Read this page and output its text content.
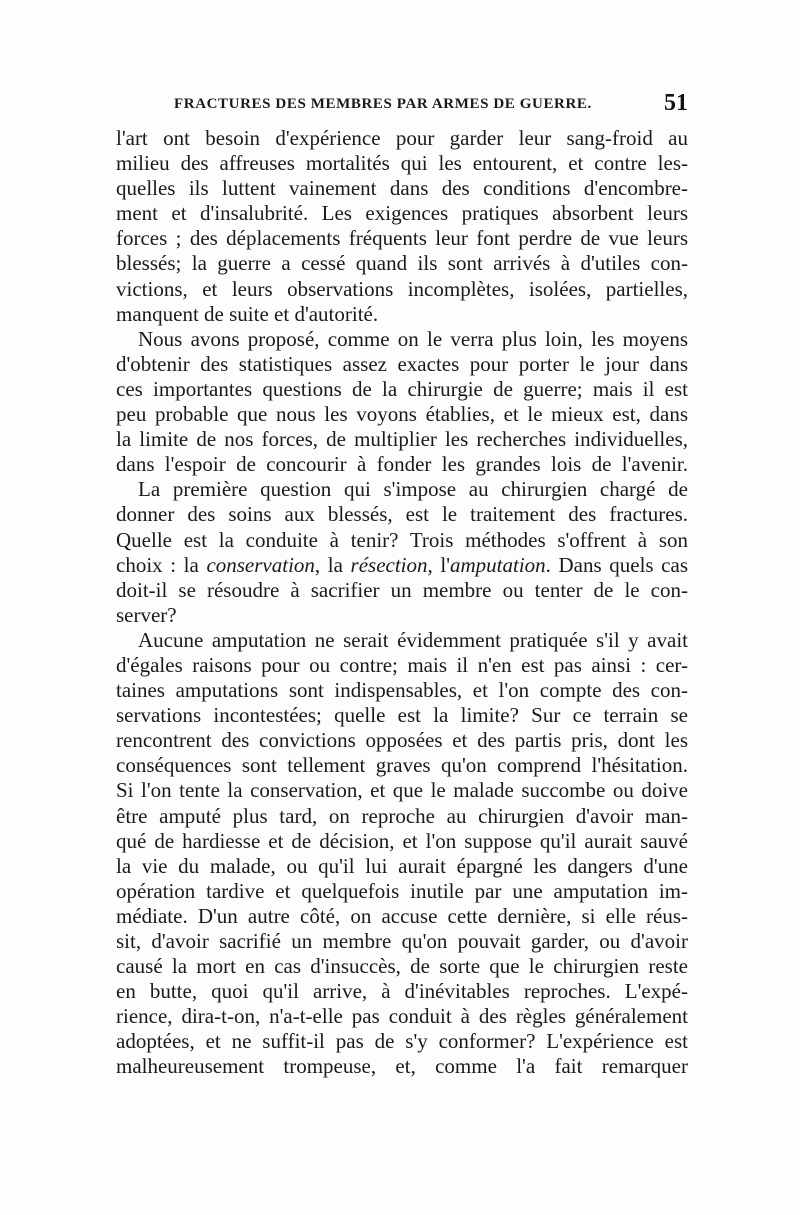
FRACTURES DES MEMBRES PAR ARMES DE GUERRE.	51
l'art ont besoin d'expérience pour garder leur sang-froid au
milieu des affreuses mortalités qui les entourent, et contre les-
quelles ils luttent vainement dans des conditions d'encombre-
ment et d'insalubrité. Les exigences pratiques absorbent leurs
forces ; des déplacements fréquents leur font perdre de vue leurs
blessés; la guerre a cessé quand ils sont arrivés à d'utiles con-
victions, et leurs observations incomplètes, isolées, partielles,
manquent de suite et d'autorité.
Nous avons proposé, comme on le verra plus loin, les moyens
d'obtenir des statistiques assez exactes pour porter le jour dans
ces importantes questions de la chirurgie de guerre; mais il est
peu probable que nous les voyons établies, et le mieux est, dans
la limite de nos forces, de multiplier les recherches individuelles,
dans l'espoir de concourir à fonder les grandes lois de l'avenir.
La première question qui s'impose au chirurgien chargé de
donner des soins aux blessés, est le traitement des fractures.
Quelle est la conduite à tenir? Trois méthodes s'offrent à son
choix : la conservation, la résection, l'amputation. Dans quels cas
doit-il se résoudre à sacrifier un membre ou tenter de le con-
server?
Aucune amputation ne serait évidemment pratiquée s'il y avait
d'égales raisons pour ou contre; mais il n'en est pas ainsi : cer-
taines amputations sont indispensables, et l'on compte des con-
servations incontestées; quelle est la limite? Sur ce terrain se
rencontrent des convictions opposées et des partis pris, dont les
conséquences sont tellement graves qu'on comprend l'hésitation.
Si l'on tente la conservation, et que le malade succombe ou doive
être amputé plus tard, on reproche au chirurgien d'avoir man-
qué de hardiesse et de décision, et l'on suppose qu'il aurait sauvé
la vie du malade, ou qu'il lui aurait épargné les dangers d'une
opération tardive et quelquefois inutile par une amputation im-
médiate. D'un autre côté, on accuse cette dernière, si elle réus-
sit, d'avoir sacrifié un membre qu'on pouvait garder, ou d'avoir
causé la mort en cas d'insuccès, de sorte que le chirurgien reste
en butte, quoi qu'il arrive, à d'inévitables reproches. L'expé-
rience, dira-t-on, n'a-t-elle pas conduit à des règles généralement
adoptées, et ne suffit-il pas de s'y conformer? L'expérience est
malheureusement trompeuse, et, comme l'a fait remarquer
